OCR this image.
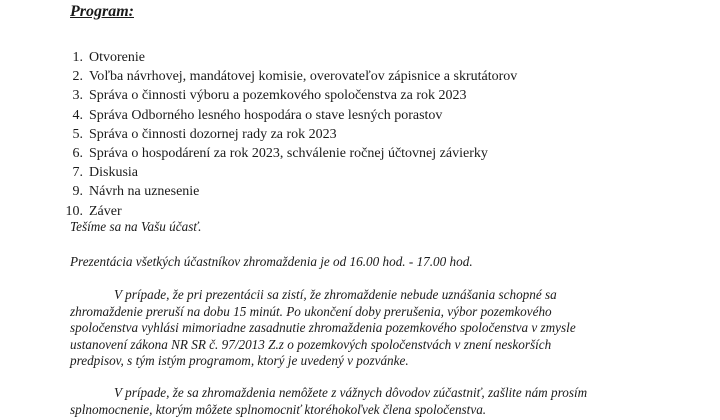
Program:
1. Otvorenie
2. Voľba návrhovej, mandátovej komisie, overovateľov zápisnice a skrutátorov
3. Správa o činnosti výboru a pozemkového spoločenstva za rok 2023
4. Správa Odborného lesného hospodára o stave lesných porastov
5. Správa o činnosti dozornej rady za rok 2023
6. Správa o hospodárení za rok 2023, schválenie ročnej účtovnej závierky
7. Diskusia
9. Návrh na uznesenie
10. Záver
Tešíme sa na Vašu účasť.
Prezentácia všetkých účastníkov zhromaždenia je od 16.00 hod. - 17.00 hod.
V prípade, že pri prezentácii sa zistí, že zhromaždenie nebude uznášania schopné sa
zhromaždenie preruší na dobu 15 minút. Po ukončení doby prerušenia, výbor pozemkového
spoločenstva vyhlási mimoriadne zasadnutie zhromaždenia pozemkového spoločenstva v zmysle
ustanovení zákona NR SR č. 97/2013 Z.z o pozemkových spoločenstvách v znení neskorších
predpisov, s tým istým programom, ktorý je uvedený v pozvánke.
V prípade, že sa zhromaždenia nemôžete z vážnych dôvodov zúčastniť, zašlite nám prosím
splnomocnenie, ktorým môžete splnomocniť ktoréhokoľvek člena spoločenstva.
